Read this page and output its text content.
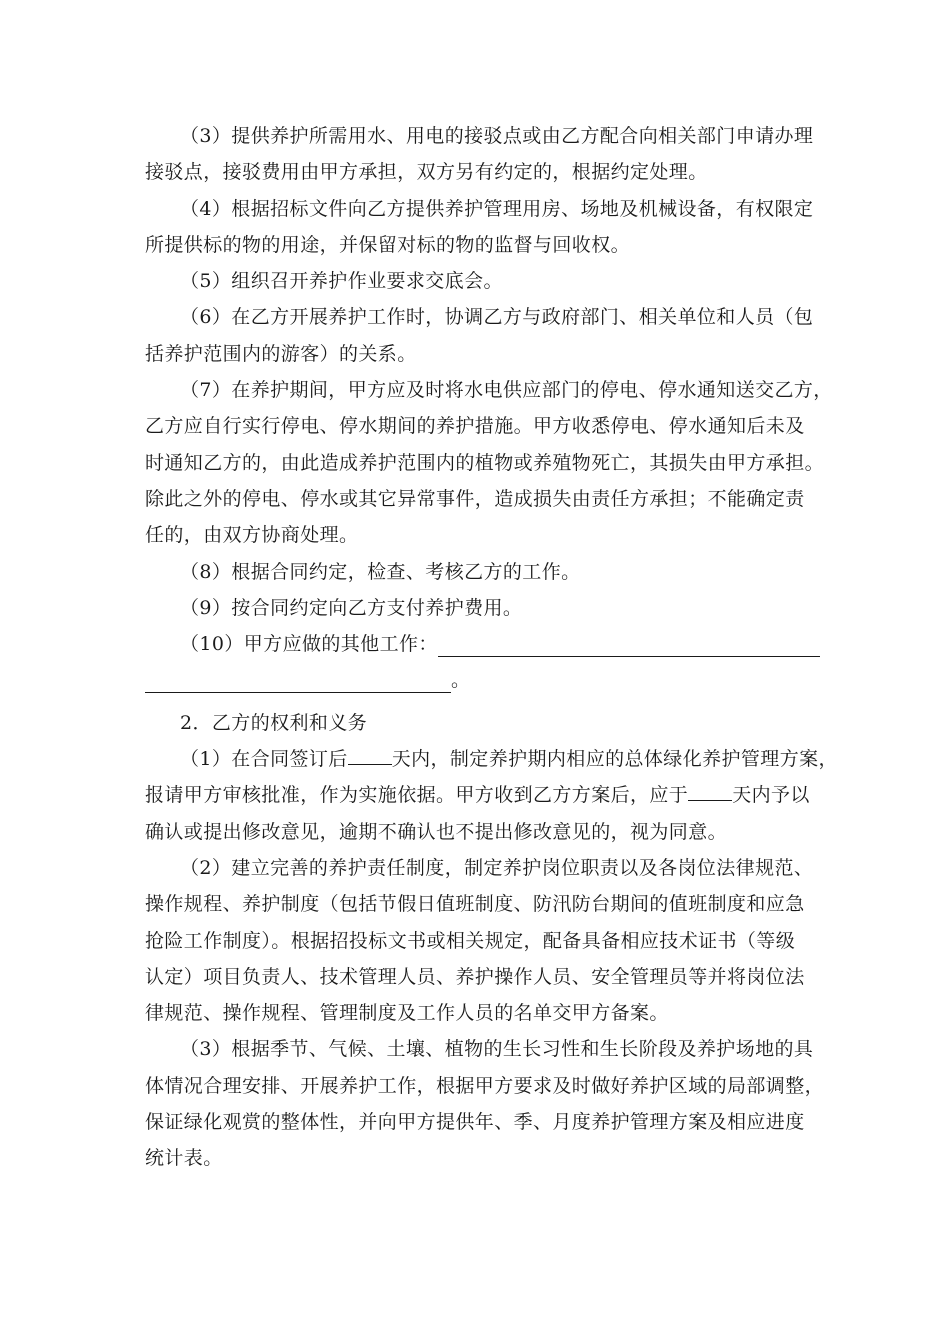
（3）提供养护所需用水、用电的接驳点或由乙方配合向相关部门申请办理
接驳点，接驳费用由甲方承担，双方另有约定的，根据约定处理。
（4）根据招标文件向乙方提供养护管理用房、场地及机械设备，有权限定
所提供标的物的用途，并保留对标的物的监督与回收权。
（5）组织召开养护作业要求交底会。
（6）在乙方开展养护工作时，协调乙方与政府部门、相关单位和人员（包
括养护范围内的游客）的关系。
（7）在养护期间，甲方应及时将水电供应部门的停电、停水通知送交乙方，
乙方应自行实行停电、停水期间的养护措施。甲方收悉停电、停水通知后未及
时通知乙方的，由此造成养护范围内的植物或养殖物死亡，其损失由甲方承担。
除此之外的停电、停水或其它异常事件，造成损失由责任方承担；不能确定责
任的，由双方协商处理。
（8）根据合同约定，检查、考核乙方的工作。
（9）按合同约定向乙方支付养护费用。
（10）甲方应做的其他工作：
。
2．乙方的权利和义务
（1）在合同签订后 天内，制定养护期内相应的总体绿化养护管理方案，
报请甲方审核批准，作为实施依据。甲方收到乙方方案后，应于 天内予以
确认或提出修改意见，逾期不确认也不提出修改意见的，视为同意。
（2）建立完善的养护责任制度，制定养护岗位职责以及各岗位法律规范、
操作规程、养护制度（包括节假日值班制度、防汛防台期间的值班制度和应急
抢险工作制度）。根据招投标文书或相关规定，配备具备相应技术证书（等级
认定）项目负责人、技术管理人员、养护操作人员、安全管理员等并将岗位法
律规范、操作规程、管理制度及工作人员的名单交甲方备案。
（3）根据季节、气候、土壤、植物的生长习性和生长阶段及养护场地的具
体情况合理安排、开展养护工作，根据甲方要求及时做好养护区域的局部调整，
保证绿化观赏的整体性，并向甲方提供年、季、月度养护管理方案及相应进度
统计表。
